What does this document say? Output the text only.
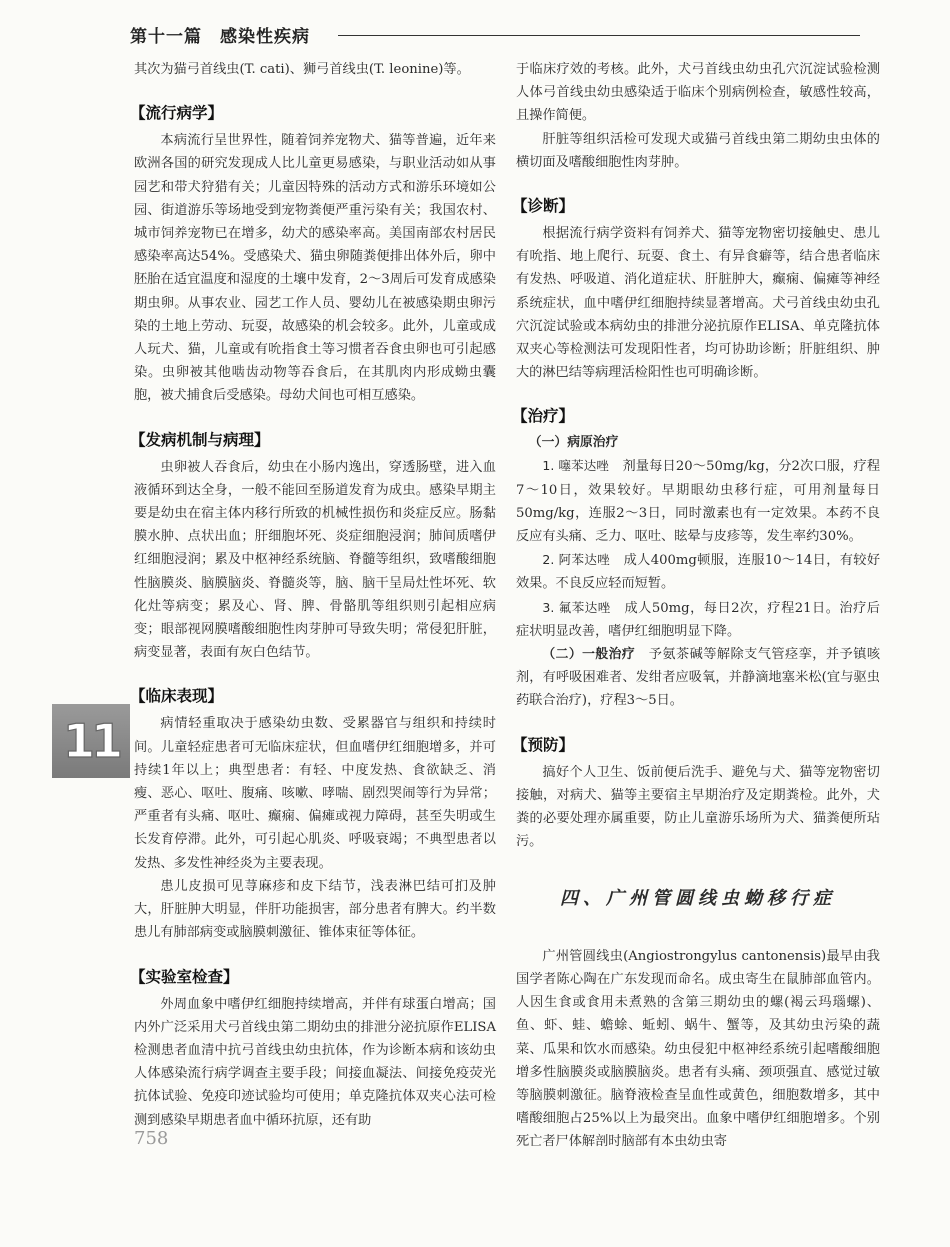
第十一篇 感染性疾病
11

其次为猫弓首线虫(T. cati)、狮弓首线虫(T. leonine)等。

【流行病学】

本病流行呈世界性，随着饲养宠物犬、猫等普遍，近年来欧洲各国的研究发现成人比儿童更易感染，与职业活动如从事园艺和带犬狩猎有关；儿童因特殊的活动方式和游乐环境如公园、街道游乐等场地受到宠物粪便严重污染有关；我国农村、城市饲养宠物已在增多，幼犬的感染率高。美国南部农村居民感染率高达54%。受感染犬、猫虫卵随粪便排出体外后，卵中胚胎在适宜温度和湿度的土壤中发育，2～3周后可发育成感染期虫卵。从事农业、园艺工作人员、婴幼儿在被感染期虫卵污染的土地上劳动、玩耍，故感染的机会较多。此外，儿童或成人玩犬、猫，儿童或有吮指食土等习惯者吞食虫卵也可引起感染。虫卵被其他啮齿动物等吞食后，在其肌肉内形成蚴虫囊胞，被犬捕食后受感染。母幼犬间也可相互感染。

【发病机制与病理】

虫卵被人吞食后，幼虫在小肠内逸出，穿透肠壁，进入血液循环到达全身，一般不能回至肠道发育为成虫。感染早期主要是幼虫在宿主体内移行所致的机械性损伤和炎症反应。肠黏膜水肿、点状出血；肝细胞坏死、炎症细胞浸润；肺间质嗜伊红细胞浸润；累及中枢神经系统脑、脊髓等组织，致嗜酸细胞性脑膜炎、脑膜脑炎、脊髓炎等，脑、脑干呈局灶性坏死、软化灶等病变；累及心、肾、脾、骨骼肌等组织则引起相应病变；眼部视网膜嗜酸细胞性肉芽肿可导致失明；常侵犯肝脏，病变显著，表面有灰白色结节。

【临床表现】

病情轻重取决于感染幼虫数、受累器官与组织和持续时间。儿童轻症患者可无临床症状，但血嗜伊红细胞增多，并可持续1年以上；典型患者：有轻、中度发热、食欲缺乏、消瘦、恶心、呕吐、腹痛、咳嗽、哮喘、剧烈哭闹等行为异常；严重者有头痛、呕吐、癫痫、偏瘫或视力障碍，甚至失明或生长发育停滞。此外，可引起心肌炎、呼吸衰竭；不典型患者以发热、多发性神经炎为主要表现。

患儿皮损可见荨麻疹和皮下结节，浅表淋巴结可扪及肿大，肝脏肿大明显，伴肝功能损害，部分患者有脾大。约半数患儿有肺部病变或脑膜刺激征、锥体束征等体征。

【实验室检查】

外周血象中嗜伊红细胞持续增高，并伴有球蛋白增高；国内外广泛采用犬弓首线虫第二期幼虫的排泄分泌抗原作ELISA检测患者血清中抗弓首线虫幼虫抗体，作为诊断本病和该幼虫人体感染流行病学调查主要手段；间接血凝法、间接免疫荧光抗体试验、免疫印迹试验均可使用；单克隆抗体双夹心法可检测到感染早期患者血中循环抗原，还有助

于临床疗效的考核。此外，犬弓首线虫幼虫孔穴沉淀试验检测人体弓首线虫幼虫感染适于临床个别病例检查，敏感性较高，且操作简便。

肝脏等组织活检可发现犬或猫弓首线虫第二期幼虫虫体的横切面及嗜酸细胞性肉芽肿。

【诊断】

根据流行病学资料有饲养犬、猫等宠物密切接触史、患儿有吮指、地上爬行、玩耍、食土、有异食癖等，结合患者临床有发热、呼吸道、消化道症状、肝脏肿大，癫痫、偏瘫等神经系统症状，血中嗜伊红细胞持续显著增高。犬弓首线虫幼虫孔穴沉淀试验或本病幼虫的排泄分泌抗原作ELISA、单克隆抗体双夹心等检测法可发现阳性者，均可协助诊断；肝脏组织、肿大的淋巴结等病理活检阳性也可明确诊断。

【治疗】
（一）病原治疗

1. 噻苯达唑　 剂量每日20～50mg/kg，分2次口服，疗程7～10日，效果较好。早期眼幼虫移行症，可用剂量每日50mg/kg，连服2～3日，同时激素也有一定效果。本药不良反应有头痛、乏力、呕吐、眩晕与皮疹等，发生率约30%。

2. 阿苯达唑　 成人400mg顿服，连服10～14日，有较好效果。不良反应轻而短暂。

3. 氟苯达唑　 成人50mg，每日2次，疗程21日。治疗后症状明显改善，嗜伊红细胞明显下降。

（二）一般治疗　 予氨茶碱等解除支气管痉挛，并予镇咳剂，有呼吸困难者、发绀者应吸氧，并静滴地塞米松(宜与驱虫药联合治疗)，疗程3～5日。

【预防】

搞好个人卫生、饭前便后洗手、避免与犬、猫等宠物密切接触，对病犬、猫等主要宿主早期治疗及定期粪检。此外，犬粪的必要处理亦属重要，防止儿童游乐场所为犬、猫粪便所玷污。

四、广州管圆线虫蚴移行症

广州管圆线虫(Angiostrongylus cantonensis)最早由我国学者陈心陶在广东发现而命名。成虫寄生在鼠肺部血管内。人因生食或食用未煮熟的含第三期幼虫的螺(褐云玛瑙螺)、鱼、虾、蛙、蟾蜍、蚯蚓、蜗牛、蟹等，及其幼虫污染的蔬菜、瓜果和饮水而感染。幼虫侵犯中枢神经系统引起嗜酸细胞增多性脑膜炎或脑膜脑炎。患者有头痛、颈项强直、感觉过敏等脑膜刺激征。脑脊液检查呈血性或黄色，细胞数增多，其中嗜酸细胞占25%以上为最突出。血象中嗜伊红细胞增多。个别死亡者尸体解剖时脑部有本虫幼虫寄

758
